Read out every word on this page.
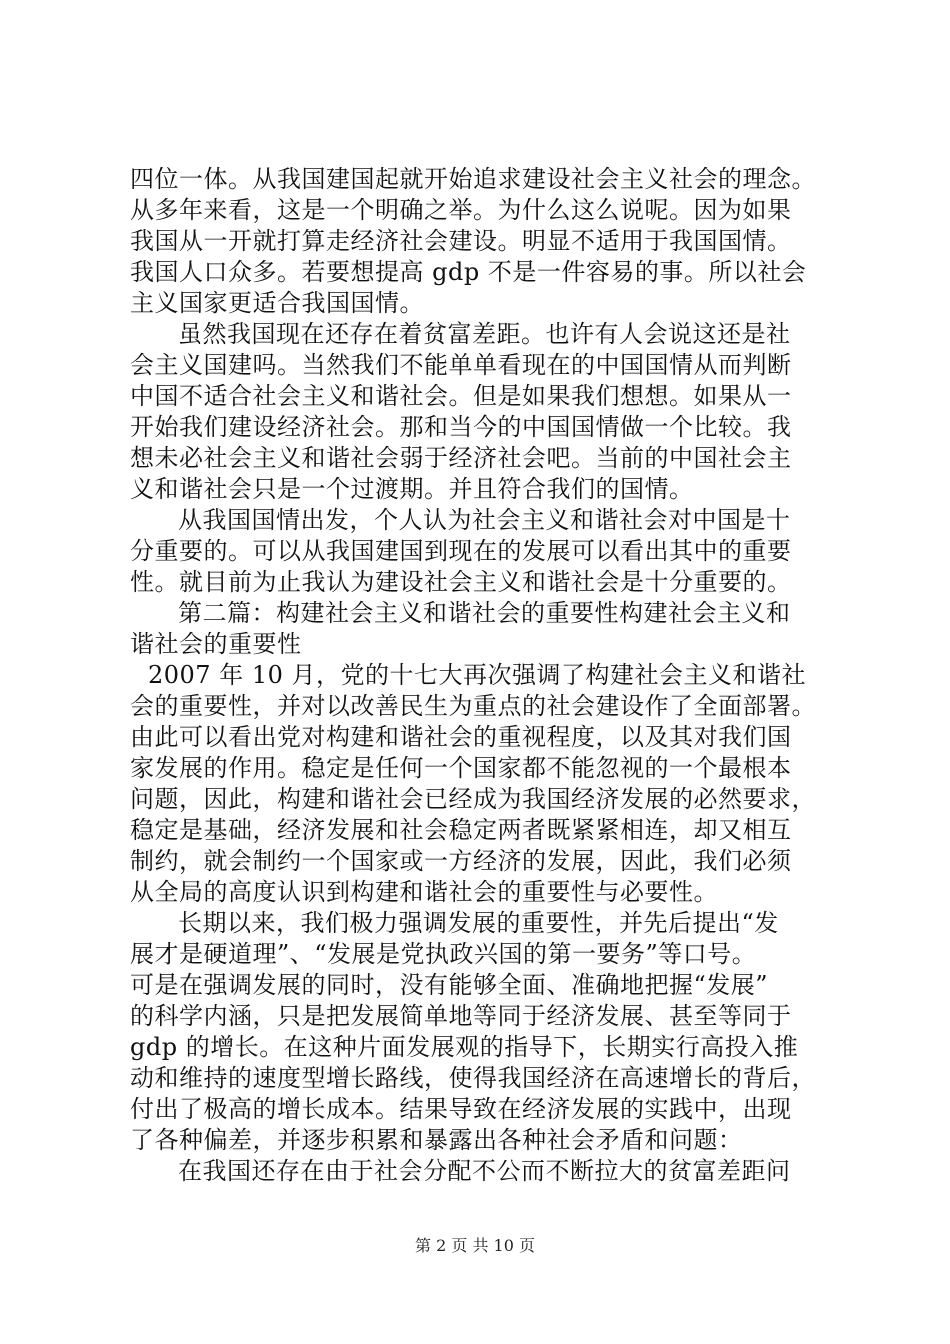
四位一体。从我国建国起就开始追求建设社会主义社会的理念。
从多年来看，这是一个明确之举。为什么这么说呢。因为如果
我国从一开就打算走经济社会建设。明显不适用于我国国情。
我国人口众多。若要想提高 gdp 不是一件容易的事。所以社会
主义国家更适合我国国情。
虽然我国现在还存在着贫富差距。也许有人会说这还是社
会主义国建吗。当然我们不能单单看现在的中国国情从而判断
中国不适合社会主义和谐社会。但是如果我们想想。如果从一
开始我们建设经济社会。那和当今的中国国情做一个比较。我
想未必社会主义和谐社会弱于经济社会吧。当前的中国社会主
义和谐社会只是一个过渡期。并且符合我们的国情。
从我国国情出发，个人认为社会主义和谐社会对中国是十
分重要的。可以从我国建国到现在的发展可以看出其中的重要
性。就目前为止我认为建设社会主义和谐社会是十分重要的。
第二篇：构建社会主义和谐社会的重要性构建社会主义和
谐社会的重要性
2007 年 10 月，党的十七大再次强调了构建社会主义和谐社
会的重要性，并对以改善民生为重点的社会建设作了全面部署。
由此可以看出党对构建和谐社会的重视程度，以及其对我们国
家发展的作用。稳定是任何一个国家都不能忽视的一个最根本
问题，因此，构建和谐社会已经成为我国经济发展的必然要求，
稳定是基础，经济发展和社会稳定两者既紧紧相连，却又相互
制约，就会制约一个国家或一方经济的发展，因此，我们必须
从全局的高度认识到构建和谐社会的重要性与必要性。
长期以来，我们极力强调发展的重要性，并先后提出“发
展才是硬道理”、“发展是党执政兴国的第一要务”等口号。
可是在强调发展的同时，没有能够全面、准确地把握“发展”
的科学内涵，只是把发展简单地等同于经济发展、甚至等同于
gdp 的增长。在这种片面发展观的指导下，长期实行高投入推
动和维持的速度型增长路线，使得我国经济在高速增长的背后，
付出了极高的增长成本。结果导致在经济发展的实践中，出现
了各种偏差，并逐步积累和暴露出各种社会矛盾和问题：
在我国还存在由于社会分配不公而不断拉大的贫富差距问
第 2 页 共 10 页
